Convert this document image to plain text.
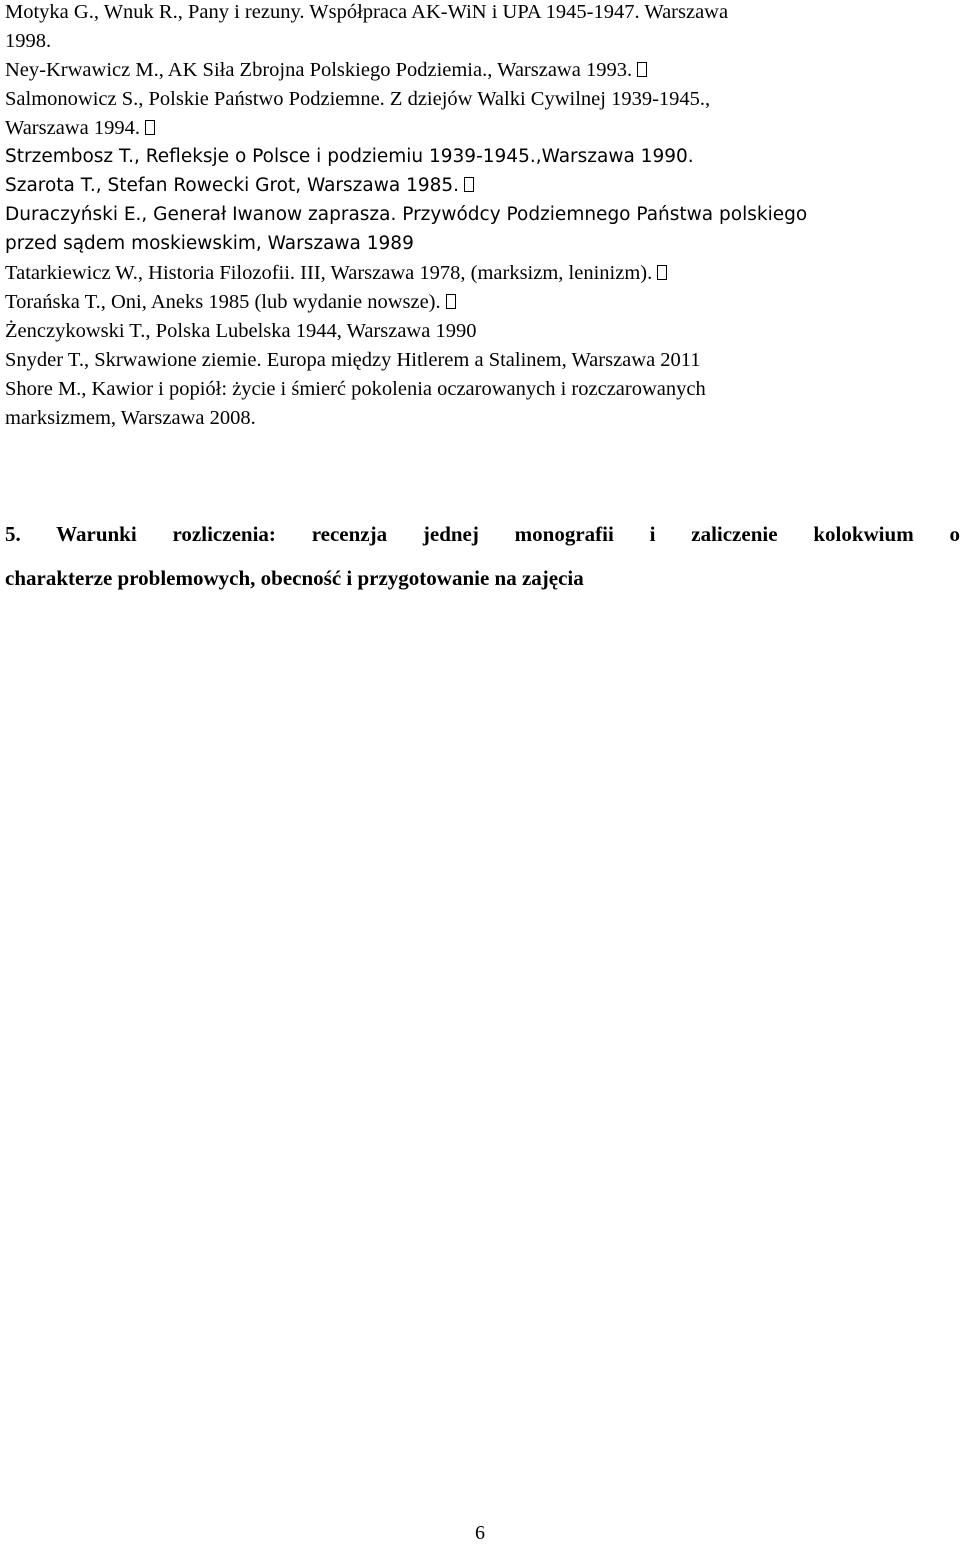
Motyka G., Wnuk R., Pany i rezuny. Współpraca AK-WiN i UPA 1945-1947. Warszawa
1998.
Ney-Krwawicz M., AK Siła Zbrojna Polskiego Podziemia., Warszawa 1993.
Salmonowicz S., Polskie Państwo Podziemne. Z dziejów Walki Cywilnej 1939-1945.,
Warszawa 1994.
Strzembosz T., Refleksje o Polsce i podziemiu 1939-1945.,Warszawa 1990.
Szarota T., Stefan Rowecki Grot, Warszawa 1985.
Duraczyński E., Generał Iwanow zaprasza. Przywódcy Podziemnego Państwa polskiego
przed sądem moskiewskim, Warszawa 1989
Tatarkiewicz W., Historia Filozofii. III, Warszawa 1978, (marksizm, leninizm).
Torańska T., Oni, Aneks 1985 (lub wydanie nowsze).
Żenczykowski T., Polska Lubelska 1944, Warszawa 1990
Snyder T., Skrwawione ziemie. Europa między Hitlerem a Stalinem, Warszawa 2011
Shore M., Kawior i popiół: życie i śmierć pokolenia oczarowanych i rozczarowanych
marksizmem, Warszawa 2008.
5. Warunki rozliczenia: recenzja jednej monografii i zaliczenie kolokwium o
charakterze problemowych, obecność i przygotowanie na zajęcia
6
